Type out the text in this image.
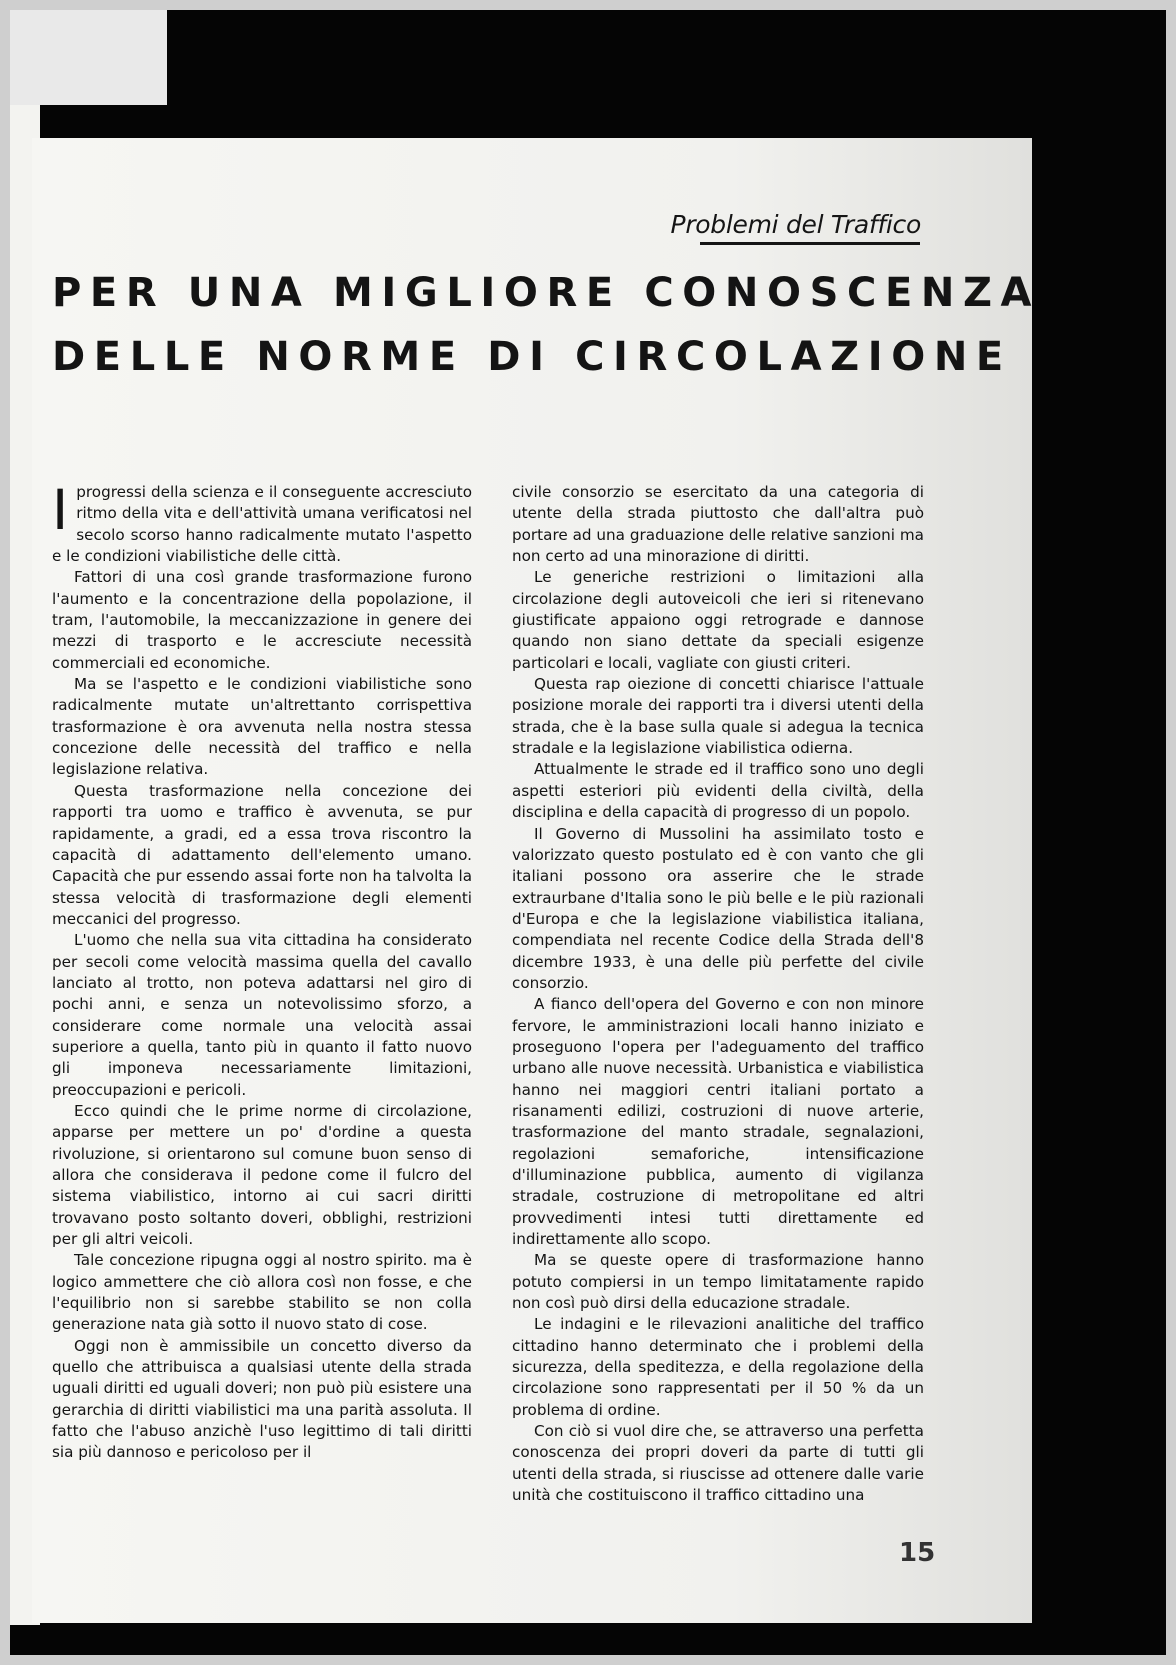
Problemi del Traffico
PER UNA MIGLIORE CONOSCENZA
DELLE NORME DI CIRCOLAZIONE

Iprogressi della scienza e il conseguente accresciuto ritmo della vita e dell'attività umana verificatosi nel secolo scorso hanno radicalmente mutato l'aspetto e le condizioni viabilistiche delle città.

Fattori di una così grande trasformazione furono l'aumento e la concentrazione della popolazione, il tram, l'automobile, la meccanizzazione in genere dei mezzi di trasporto e le accresciute necessità commerciali ed economiche.

Ma se l'aspetto e le condizioni viabilistiche sono radicalmente mutate un'altrettanto corrispettiva trasformazione è ora avvenuta nella nostra stessa concezione delle necessità del traffico e nella legislazione relativa.

Questa trasformazione nella concezione dei rapporti tra uomo e traffico è avvenuta, se pur rapidamente, a gradi, ed a essa trova riscontro la capacità di adattamento dell'elemento umano. Capacità che pur essendo assai forte non ha talvolta la stessa velocità di trasformazione degli elementi meccanici del progresso.

L'uomo che nella sua vita cittadina ha considerato per secoli come velocità massima quella del cavallo lanciato al trotto, non poteva adattarsi nel giro di pochi anni, e senza un notevolissimo sforzo, a considerare come normale una velocità assai superiore a quella, tanto più in quanto il fatto nuovo gli imponeva necessariamente limitazioni, preoccupazioni e pericoli.

Ecco quindi che le prime norme di circolazione, apparse per mettere un po' d'ordine a questa rivoluzione, si orientarono sul comune buon senso di allora che considerava il pedone come il fulcro del sistema viabilistico, intorno ai cui sacri diritti trovavano posto soltanto doveri, obblighi, restrizioni per gli altri veicoli.

Tale concezione ripugna oggi al nostro spirito. ma è logico ammettere che ciò allora così non fosse, e che l'equilibrio non si sarebbe stabilito se non colla generazione nata già sotto il nuovo stato di cose.

Oggi non è ammissibile un concetto diverso da quello che attribuisca a qualsiasi utente della strada uguali diritti ed uguali doveri; non può più esistere una gerarchia di diritti viabilistici ma una parità assoluta. Il fatto che l'abuso anzichè l'uso legittimo di tali diritti sia più dannoso e pericoloso per il

civile consorzio se esercitato da una categoria di utente della strada piuttosto che dall'altra può portare ad una graduazione delle relative sanzioni ma non certo ad una minorazione di diritti.

Le generiche restrizioni o limitazioni alla circolazione degli autoveicoli che ieri si ritenevano giustificate appaiono oggi retrograde e dannose quando non siano dettate da speciali esigenze particolari e locali, vagliate con giusti criteri.

Questa rap oiezione di concetti chiarisce l'attuale posizione morale dei rapporti tra i diversi utenti della strada, che è la base sulla quale si adegua la tecnica stradale e la legislazione viabilistica odierna.

Attualmente le strade ed il traffico sono uno degli aspetti esteriori più evidenti della civiltà, della disciplina e della capacità di progresso di un popolo.

Il Governo di Mussolini ha assimilato tosto e valorizzato questo postulato ed è con vanto che gli italiani possono ora asserire che le strade extraurbane d'Italia sono le più belle e le più razionali d'Europa e che la legislazione viabilistica italiana, compendiata nel recente Codice della Strada dell'8 dicembre 1933, è una delle più perfette del civile consorzio.

A fianco dell'opera del Governo e con non minore fervore, le amministrazioni locali hanno iniziato e proseguono l'opera per l'adeguamento del traffico urbano alle nuove necessità. Urbanistica e viabilistica hanno nei maggiori centri italiani portato a risanamenti edilizi, costruzioni di nuove arterie, trasformazione del manto stradale, segnalazioni, regolazioni semaforiche, intensificazione d'illuminazione pubblica, aumento di vigilanza stradale, costruzione di metropolitane ed altri provvedimenti intesi tutti direttamente ed indirettamente allo scopo.

Ma se queste opere di trasformazione hanno potuto compiersi in un tempo limitatamente rapido non così può dirsi della educazione stradale.

Le indagini e le rilevazioni analitiche del traffico cittadino hanno determinato che i problemi della sicurezza, della speditezza, e della regolazione della circolazione sono rappresentati per il 50 % da un problema di ordine.

Con ciò si vuol dire che, se attraverso una perfetta conoscenza dei propri doveri da parte di tutti gli utenti della strada, si riuscisse ad ottenere dalle varie unità che costituiscono il traffico cittadino una

15
